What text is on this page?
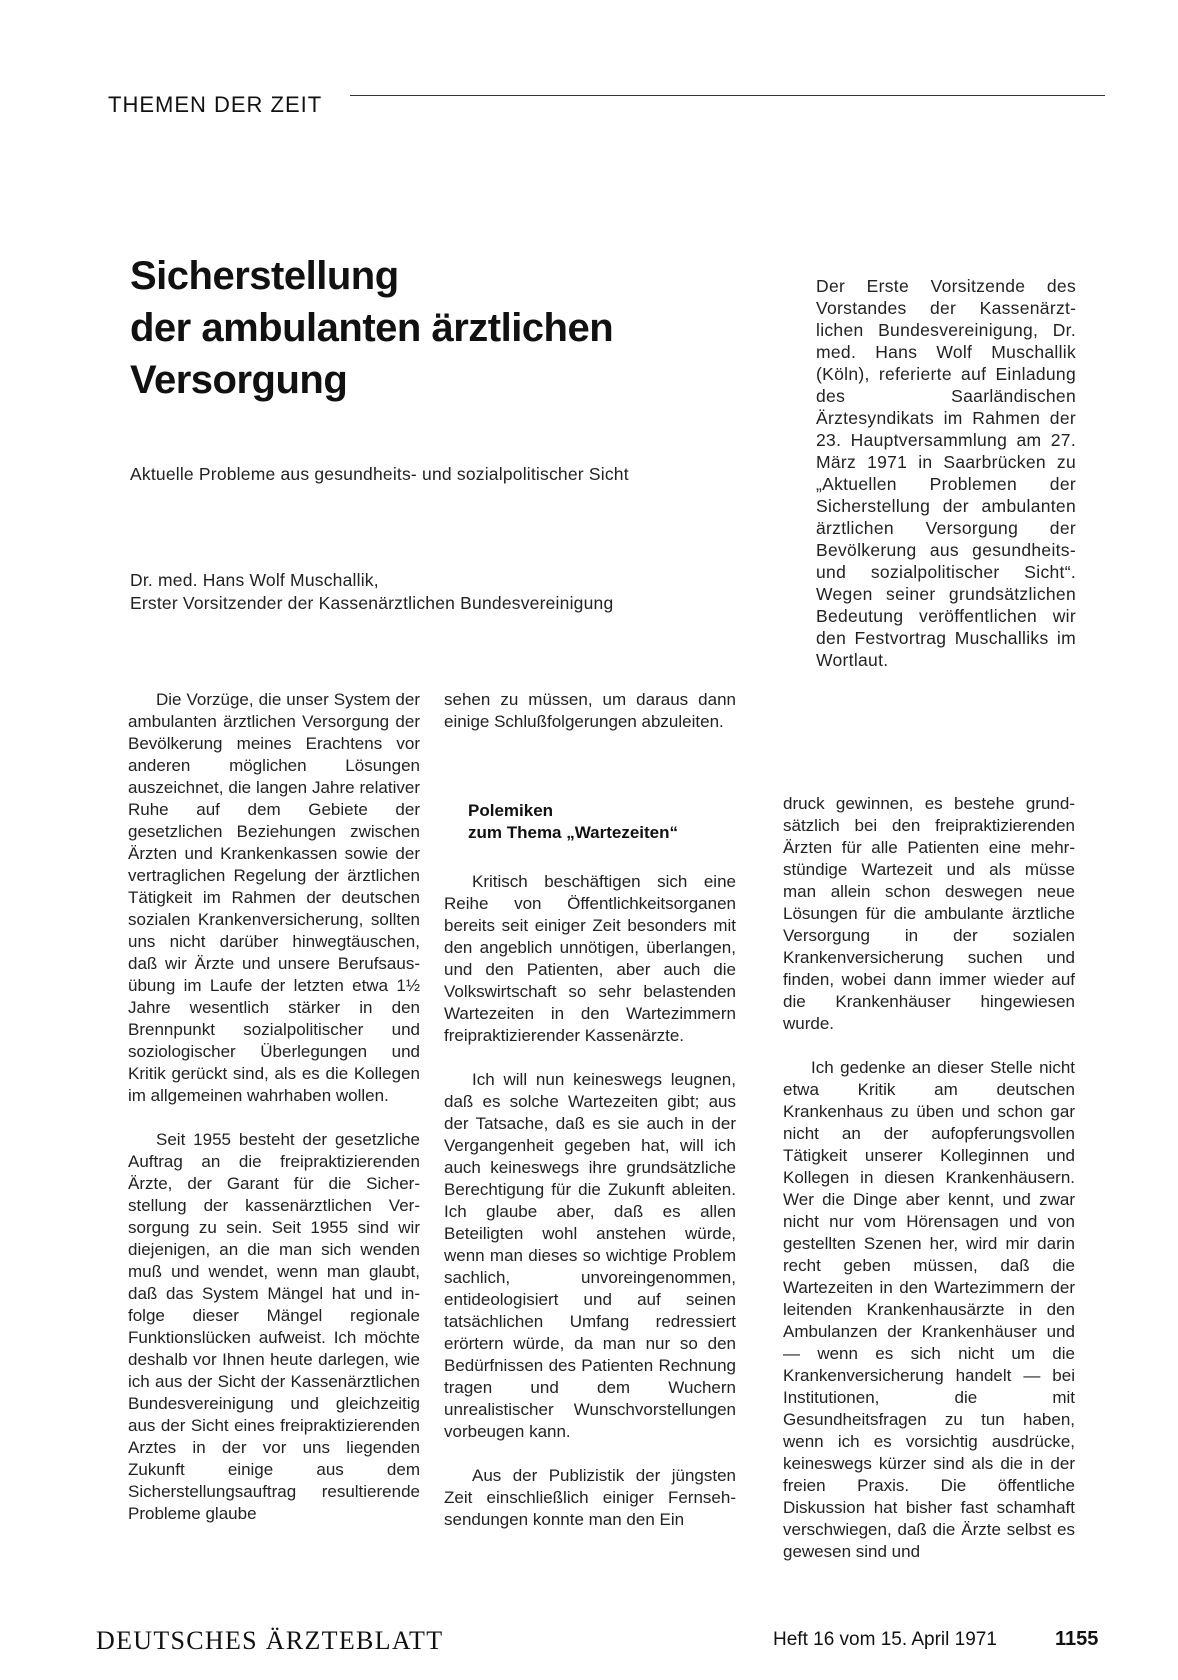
THEMEN DER ZEIT
Sicherstellung
der ambulanten ärztlichen
Versorgung
Aktuelle Probleme aus gesundheits- und sozialpolitischer Sicht
Dr. med. Hans Wolf Muschallik,
Erster Vorsitzender der Kassenärztlichen Bundesvereinigung

Der Erste Vorsitzende des Vorstandes der Kassenärztlichen Bundesvereinigung, Dr. med. Hans Wolf Muschallik (Köln), referierte auf Einladung des Saarländischen Ärztesyndikats im Rahmen der 23. Hauptversammlung am 27. März 1971 in Saarbrücken zu „Aktuellen Problemen der Sicherstellung der ambulanten ärztlichen Versorgung der Bevölkerung aus gesundheits- und sozialpolitischer Sicht“. Wegen seiner grundsätzlichen Bedeutung veröffentlichen wir den Festvortrag Muschalliks im Wortlaut.

Die Vorzüge, die unser System der ambulanten ärztlichen Versorgung der Bevölkerung meines Erachtens vor anderen möglichen Lösungen auszeichnet, die langen Jahre relativer Ruhe auf dem Gebiete der gesetzlichen Beziehungen zwischen Ärzten und Krankenkassen sowie der vertraglichen Regelung der ärztlichen Tätigkeit im Rahmen der deutschen sozialen Krankenversicherung, sollten uns nicht darüber hinwegtäuschen, daß wir Ärzte und unsere Berufsausübung im Laufe der letzten etwa 1½ Jahre wesentlich stärker in den Brennpunkt sozialpolitischer und soziologischer Überlegungen und Kritik gerückt sind, als es die Kollegen im allgemeinen wahrhaben wollen.

Seit 1955 besteht der gesetzliche Auftrag an die freipraktizierenden Ärzte, der Garant für die Sicherstellung der kassenärztlichen Versorgung zu sein. Seit 1955 sind wir diejenigen, an die man sich wenden muß und wendet, wenn man glaubt, daß das System Mängel hat und infolge dieser Mängel regionale Funktionslücken aufweist. Ich möchte deshalb vor Ihnen heute darlegen, wie ich aus der Sicht der Kassenärztlichen Bundesvereinigung und gleichzeitig aus der Sicht eines freipraktizierenden Arztes in der vor uns liegenden Zukunft einige aus dem Sicherstellungsauftrag resultierende Probleme glaube

sehen zu müssen, um daraus dann einige Schlußfolgerungen abzuleiten.

Polemiken
zum Thema „Wartezeiten“

Kritisch beschäftigen sich eine Reihe von Öffentlichkeitsorganen bereits seit einiger Zeit besonders mit den angeblich unnötigen, überlangen, und den Patienten, aber auch die Volkswirtschaft so sehr belastenden Wartezeiten in den Wartezimmern freipraktizierender Kassenärzte.

Ich will nun keineswegs leugnen, daß es solche Wartezeiten gibt; aus der Tatsache, daß es sie auch in der Vergangenheit gegeben hat, will ich auch keineswegs ihre grundsätzliche Berechtigung für die Zukunft ableiten. Ich glaube aber, daß es allen Beteiligten wohl anstehen würde, wenn man dieses so wichtige Problem sachlich, unvoreingenommen, entideologisiert und auf seinen tatsächlichen Umfang redressiert erörtern würde, da man nur so den Bedürfnissen des Patienten Rechnung tragen und dem Wuchern unrealistischer Wunschvorstellungen vorbeugen kann.

Aus der Publizistik der jüngsten Zeit einschließlich einiger Fernsehsendungen konnte man den Ein

druck gewinnen, es bestehe grundsätzlich bei den freipraktizierenden Ärzten für alle Patienten eine mehrstündige Wartezeit und als müsse man allein schon deswegen neue Lösungen für die ambulante ärztliche Versorgung in der sozialen Krankenversicherung suchen und finden, wobei dann immer wieder auf die Krankenhäuser hingewiesen wurde.

Ich gedenke an dieser Stelle nicht etwa Kritik am deutschen Krankenhaus zu üben und schon gar nicht an der aufopferungsvollen Tätigkeit unserer Kolleginnen und Kollegen in diesen Krankenhäusern. Wer die Dinge aber kennt, und zwar nicht nur vom Hörensagen und von gestellten Szenen her, wird mir darin recht geben müssen, daß die Wartezeiten in den Wartezimmern der leitenden Krankenhausärzte in den Ambulanzen der Krankenhäuser und — wenn es sich nicht um die Krankenversicherung handelt — bei Institutionen, die mit Gesundheitsfragen zu tun haben, wenn ich es vorsichtig ausdrücke, keineswegs kürzer sind als die in der freien Praxis. Die öffentliche Diskussion hat bisher fast schamhaft verschwiegen, daß die Ärzte selbst es gewesen sind und

DEUTSCHES ÄRZTEBLATT	Heft 16 vom 15. April 1971	1155
